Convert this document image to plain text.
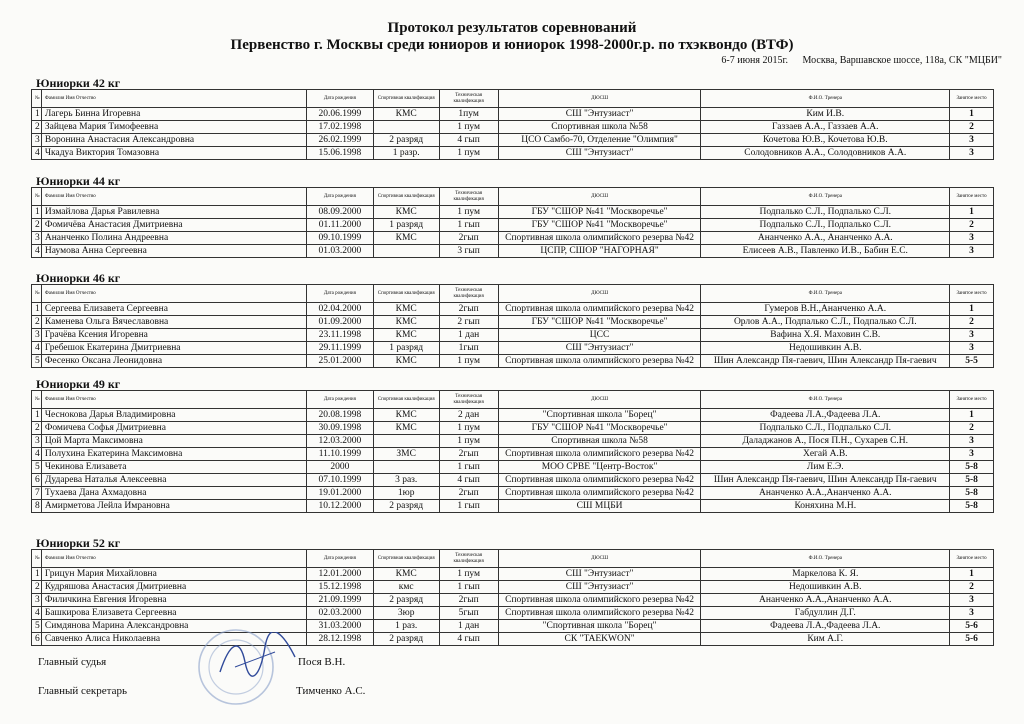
Протокол результатов соревнований
Первенство г. Москвы среди юниоров и юниорок 1998-2000г.р. по тхэквондо (ВТФ)
6-7 июня 2015г. Москва, Варшавское шоссе, 118а, СК "МЦБИ"
Юниорки 42 кг
№	Фамилия Имя Отчество	Дата рождения	Спортивная квалификация	Техническая квалификация	ДЮСШ	Ф.И.О. Тренера	Занятое место
1	Лагерь Бинна Игоревна	20.06.1999	КМС	1пум	СШ "Энтузиаст"	Ким И.В.	1
2	Зайцева Мария Тимофеевна	17.02.1998		1 пум	Спортивная школа №58	Газзаев А.А., Газзаев А.А.	2
3	Воронина Анастасия Александровна	26.02.1999	2 разряд	4 гып	ЦСО Самбо-70, Отделение "Олимпия"	Кочетова Ю.В., Кочетова Ю.В.	3
4	Чкадуа Виктория Томазовна	15.06.1998	1 разр.	1 пум	СШ "Энтузиаст"	Солодовников А.А., Солодовников А.А.	3
Юниорки 44 кг
№	Фамилия Имя Отчество	Дата рождения	Спортивная квалификация	Техническая квалификация	ДЮСШ	Ф.И.О. Тренера	Занятое место
1	Измайлова Дарья Равилевна	08.09.2000	КМС	1 пум	ГБУ "СШОР №41 "Москворечье"	Подпалько С.Л., Подпалько С.Л.	1
2	Фомичёва Анастасия Дмитриевна	01.11.2000	1 разряд	1 гып	ГБУ "СШОР №41 "Москворечье"	Подпалько С.Л., Подпалько С.Л.	2
3	Ананченко Полина Андреевна	09.10.1999	КМС	2гып	Спортивная школа олимпийского резерва №42	Ананченко А.А., Ананченко А.А.	3
4	Наумова Анна Сергеевна	01.03.2000		3 гып	ЦСПР, СШОР "НАГОРНАЯ"	Елисеев А.В., Павленко И.В., Бабин Е.С.	3
Юниорки 46 кг
№	Фамилия Имя Отчество	Дата рождения	Спортивная квалификация	Техническая квалификация	ДЮСШ	Ф.И.О. Тренера	Занятое место
1	Сергеева Елизавета Сергеевна	02.04.2000	КМС	2гып	Спортивная школа олимпийского резерва №42	Гумеров В.Н.,Ананченко А.А.	1
2	Каменева Ольга Вячеславовна	01.09.2000	КМС	2 гып	ГБУ "СШОР №41 "Москворечье"	Орлов А.А., Подпалько С.Л., Подпалько С.Л.	2
3	Грачёва Ксения Игоревна	23.11.1998	КМС	1 дан	ЦСС	Вафина Х.Я. Маховин С.В.	3
4	Гребешок Екатерина Дмитриевна	29.11.1999	1 разряд	1гып	СШ "Энтузиаст"	Недошивкин А.В.	3
5	Фесенко Оксана Леонидовна	25.01.2000	КМС	1 пум	Спортивная школа олимпийского резерва №42	Шин Александр Пя-гаевич, Шин Александр Пя-гаевич	5-5
Юниорки 49 кг
№	Фамилия Имя Отчество	Дата рождения	Спортивная квалификация	Техническая квалификация	ДЮСШ	Ф.И.О. Тренера	Занятое место
1	Чеснокова Дарья Владимировна	20.08.1998	КМС	2 дан	"Спортивная школа "Борец"	Фадеева Л.А.,Фадеева Л.А.	1
2	Фомичева Софья Дмитриевна	30.09.1998	КМС	1 пум	ГБУ "СШОР №41 "Москворечье"	Подпалько С.Л., Подпалько С.Л.	2
3	Цой Марта Максимовна	12.03.2000		1 пум	Спортивная школа №58	Даладжанов А., Пося П.Н., Сухарев С.Н.	3
4	Полухина Екатерина Максимовна	11.10.1999	ЗМС	2гып	Спортивная школа олимпийского резерва №42	Хегай А.В.	3
5	Чекинова Елизавета	2000		1 гып	МОО СРВЕ "Центр-Восток"	Лим Е.Э.	5-8
6	Дударева Наталья Алексеевна	07.10.1999	3 раз.	4 гып	Спортивная школа олимпийского резерва №42	Шин Александр Пя-гаевич, Шин Александр Пя-гаевич	5-8
7	Тухаева Дана Ахмадовна	19.01.2000	1юр	2гып	Спортивная школа олимпийского резерва №42	Ананченко А.А.,Ананченко А.А.	5-8
8	Амирметова Лейла Имрановна	10.12.2000	2 разряд	1 гып	СШ МЦБИ	Коняхина М.Н.	5-8
Юниорки 52 кг
№	Фамилия Имя Отчество	Дата рождения	Спортивная квалификация	Техническая квалификация	ДЮСШ	Ф.И.О. Тренера	Занятое место
1	Грицун Мария Михайловна	12.01.2000	КМС	1 пум	СШ "Энтузиаст"	Маркелова К. Я.	1
2	Кудряшова Анастасия Дмитриевна	15.12.1998	кмс	1 гып	СШ "Энтузиаст"	Недошивкин А.В.	2
3	Филичкина Евгения Игоревна	21.09.1999	2 разряд	2гып	Спортивная школа олимпийского резерва №42	Ананченко А.А.,Ананченко А.А.	3
4	Башкирова Елизавета Сергеевна	02.03.2000	3юр	5гып	Спортивная школа олимпийского резерва №42	Габдуллин Д.Г.	3
5	Симдянова Марина Александровна	31.03.2000	1 раз.	1 дан	"Спортивная школа "Борец"	Фадеева Л.А.,Фадеева Л.А.	5-6
6	Савченко Алиса Николаевна	28.12.1998	2 разряд	4 гып	СК "TAEKWON"	Ким А.Г.	5-6
Главный судья	Пося В.Н.
Главный секретарь	Тимченко А.С.
